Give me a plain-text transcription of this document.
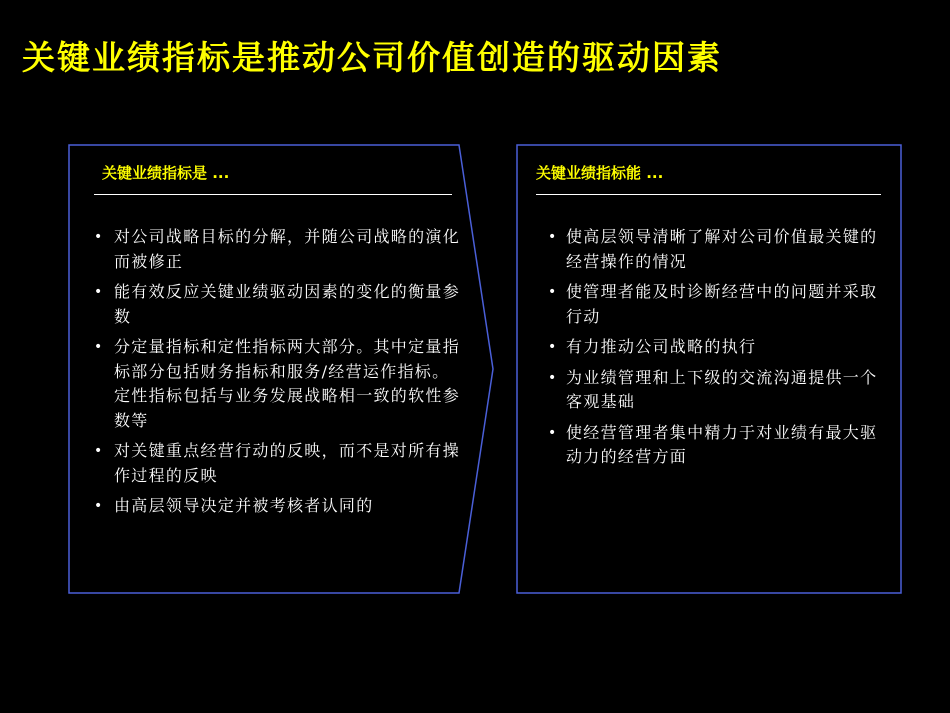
关键业绩指标是推动公司价值创造的驱动因素
关键业绩指标是 ...
• 对公司战略目标的分解，并随公司战略的演化而被修正
• 能有效反应关键业绩驱动因素的变化的衡量参数
• 分定量指标和定性指标两大部分。其中定量指标部分包括财务指标和服务/经营运作指标。定性指标包括与业务发展战略相一致的软性参数等
• 对关键重点经营行动的反映，而不是对所有操作过程的反映
• 由高层领导决定并被考核者认同的
关键业绩指标能 ...
• 使高层领导清晰了解对公司价值最关键的经营操作的情况
• 使管理者能及时诊断经营中的问题并采取行动
• 有力推动公司战略的执行
• 为业绩管理和上下级的交流沟通提供一个客观基础
• 使经营管理者集中精力于对业绩有最大驱动力的经营方面
